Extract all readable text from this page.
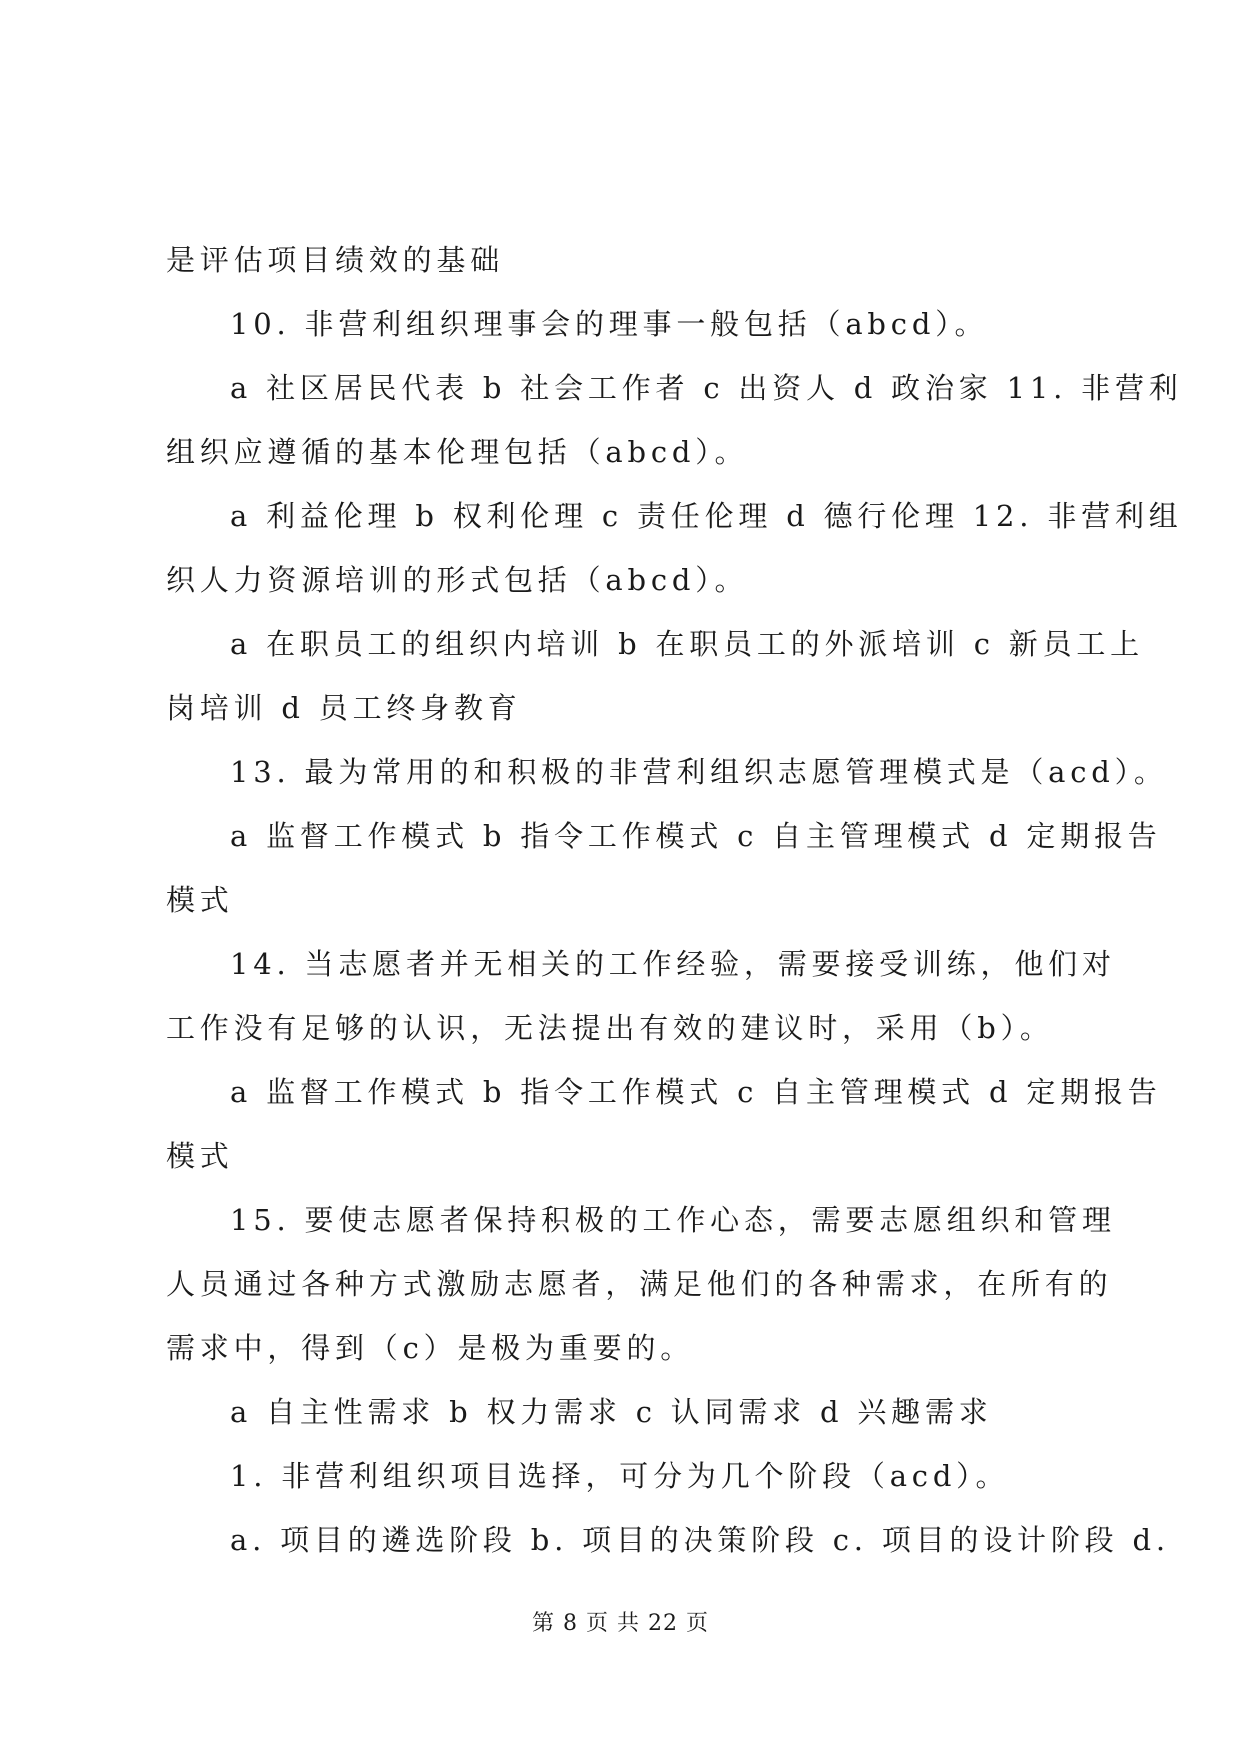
是评估项目绩效的基础
10. 非营利组织理事会的理事一般包括（abcd）。
a 社区居民代表 b 社会工作者 c 出资人 d 政治家 11. 非营利
组织应遵循的基本伦理包括（abcd）。
a 利益伦理 b 权利伦理 c 责任伦理 d 德行伦理 12. 非营利组
织人力资源培训的形式包括（abcd）。
a 在职员工的组织内培训 b 在职员工的外派培训 c 新员工上
岗培训 d 员工终身教育
13. 最为常用的和积极的非营利组织志愿管理模式是（acd）。
a 监督工作模式 b 指令工作模式 c 自主管理模式 d 定期报告
模式
14. 当志愿者并无相关的工作经验，需要接受训练，他们对
工作没有足够的认识，无法提出有效的建议时，采用（b）。
a 监督工作模式 b 指令工作模式 c 自主管理模式 d 定期报告
模式
15. 要使志愿者保持积极的工作心态，需要志愿组织和管理
人员通过各种方式激励志愿者，满足他们的各种需求，在所有的
需求中，得到（c）是极为重要的。
a 自主性需求 b 权力需求 c 认同需求 d 兴趣需求
1. 非营利组织项目选择，可分为几个阶段（acd）。
a. 项目的遴选阶段 b. 项目的决策阶段 c. 项目的设计阶段 d.
第 8 页 共 22 页
